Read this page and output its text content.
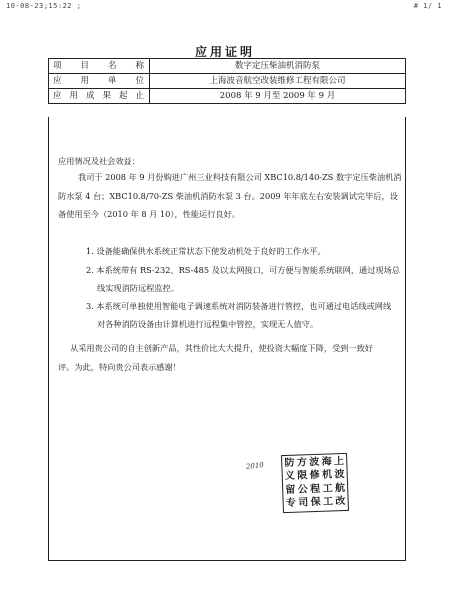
10-08-23;15:22 ;	# 1/ 1
应用证明
项目名称	数字定压柴油机消防泵
应用单位	上海波音航空改装维修工程有限公司
应用成果起止	2008 年 9 月至 2009 年 9 月
应用情况及社会效益：
我司于 2008 年 9 月份购进广州三业科技有限公司 XBC10.8/140-ZS 数字定压柴油机消
防水泵 4 台；XBC10.8/70-ZS 柴油机消防水泵 3 台。2009 年年底左右安装调试完毕后，设
备使用至今（2010 年 8 月 10），性能运行良好。
1. 设备能确保供水系统正常状态下使发动机处于良好的工作水平。
2. 本系统带有 RS-232、RS-485 及以太网接口，可方便与智能系统联网，通过现场总
线实现消防远程监控。
3. 本系统可单独使用智能电子调速系统对消防装备进行管控，也可通过电话线或网线
对各种消防设备由计算机进行远程集中管控，实现无人值守。
从采用贵公司的自主创新产品，其性价比大大提升，使投资大幅度下降，受到一致好
评。为此，特向贵公司表示感谢！
2010 防 方 波 海 上
义 限 修 机 波
留 公 程 工 航
专 司 保 工 改
